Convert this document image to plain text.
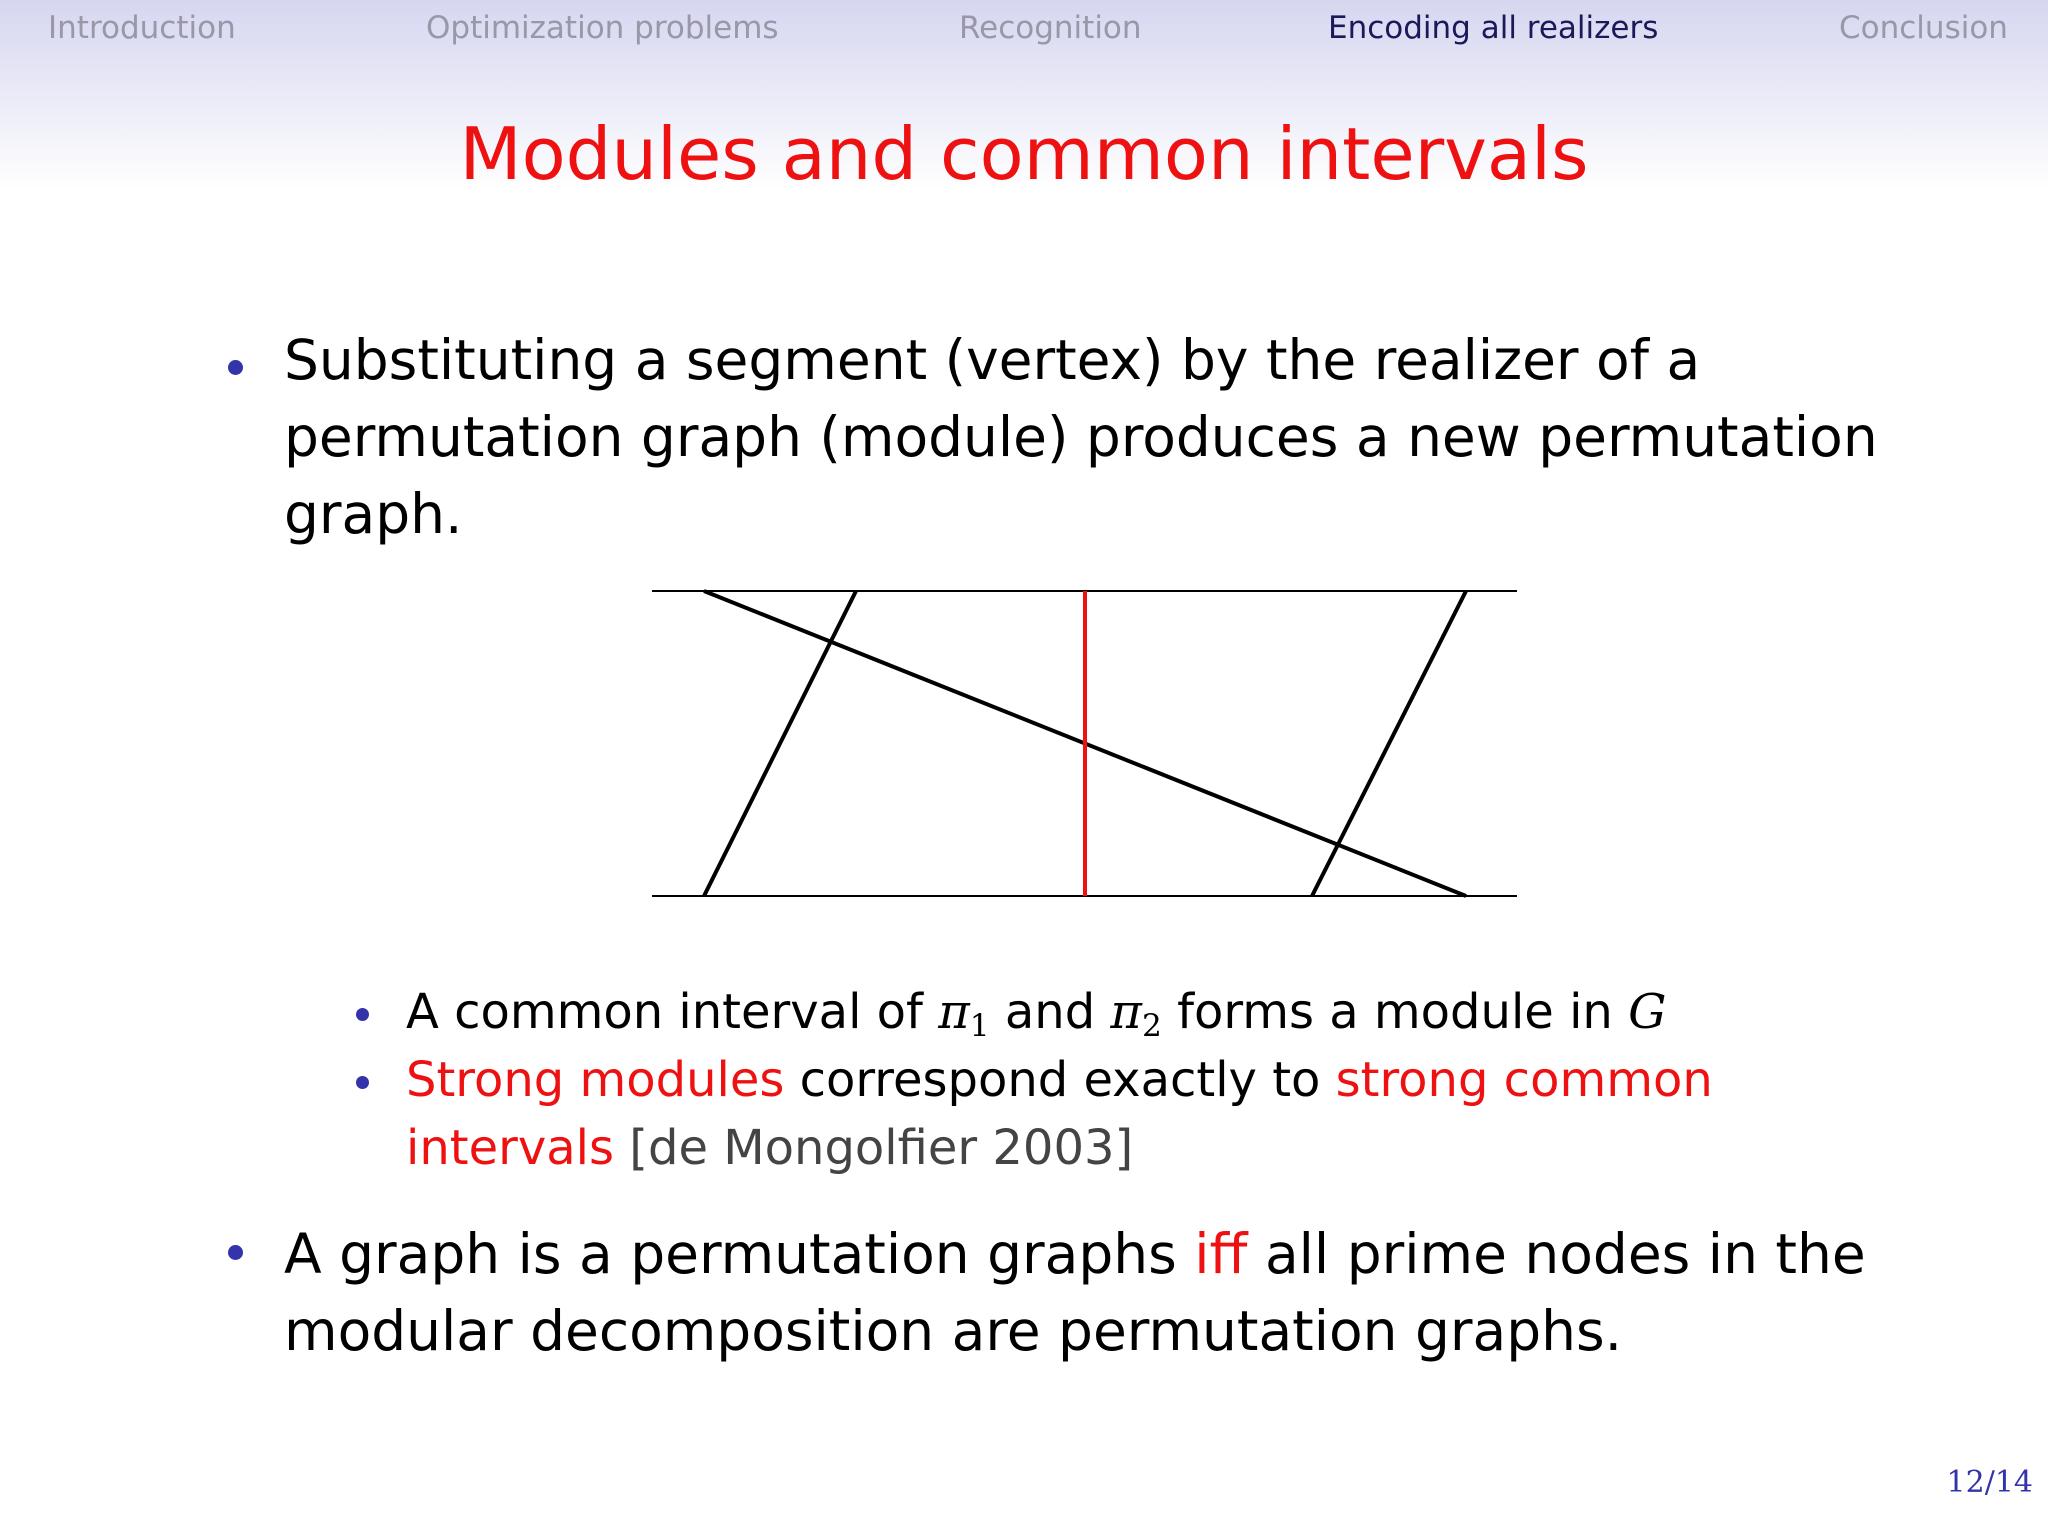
Introduction	Optimization problems	Recognition	Encoding all realizers	Conclusion
Modules and common intervals
Substituting a segment (vertex) by the realizer of a
permutation graph (module) produces a new permutation
graph.
A common interval of $\pi_1$ and $\pi_2$ forms a module in G
Strong modules correspond exactly to strong common
intervals [de Mongolfier 2003]
A graph is a permutation graphs iff all prime nodes in the
modular decomposition are permutation graphs.
12/14
